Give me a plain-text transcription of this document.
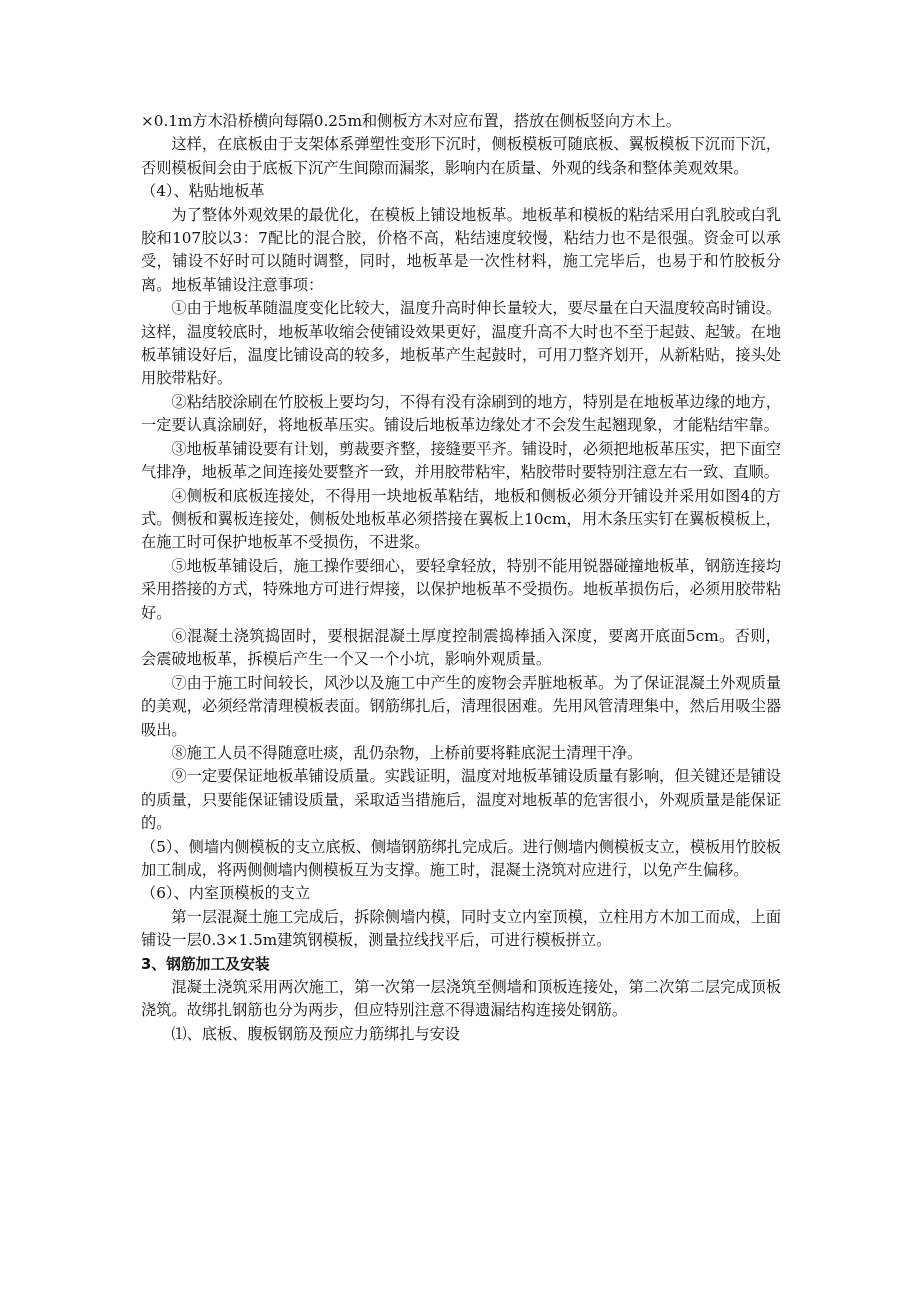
×0.1m方木沿桥横向每隔0.25m和侧板方木对应布置，搭放在侧板竖向方木上。

这样，在底板由于支架体系弹塑性变形下沉时，侧板模板可随底板、翼板模板下沉而下沉，否则模板间会由于底板下沉产生间隙而漏浆，影响内在质量、外观的线条和整体美观效果。

（4）、粘贴地板革

为了整体外观效果的最优化，在模板上铺设地板革。地板革和模板的粘结采用白乳胶或白乳胶和107胶以3：7配比的混合胶，价格不高，粘结速度较慢，粘结力也不是很强。资金可以承受，铺设不好时可以随时调整，同时，地板革是一次性材料，施工完毕后，也易于和竹胶板分离。地板革铺设注意事项：

①由于地板革随温度变化比较大，温度升高时伸长量较大，要尽量在白天温度较高时铺设。这样，温度较底时，地板革收缩会使铺设效果更好，温度升高不大时也不至于起鼓、起皱。在地板革铺设好后，温度比铺设高的较多，地板革产生起鼓时，可用刀整齐划开，从新粘贴，接头处用胶带粘好。

②粘结胶涂刷在竹胶板上要均匀，不得有没有涂刷到的地方，特别是在地板革边缘的地方，一定要认真涂刷好，将地板革压实。铺设后地板革边缘处才不会发生起翘现象，才能粘结牢靠。

③地板革铺设要有计划，剪裁要齐整，接缝要平齐。铺设时，必须把地板革压实，把下面空气排净，地板革之间连接处要整齐一致，并用胶带粘牢，粘胶带时要特别注意左右一致、直顺。

④侧板和底板连接处，不得用一块地板革粘结，地板和侧板必须分开铺设并采用如图4的方式。侧板和翼板连接处，侧板处地板革必须搭接在翼板上10cm，用木条压实钉在翼板模板上，在施工时可保护地板革不受损伤，不进浆。

⑤地板革铺设后，施工操作要细心，要轻拿轻放，特别不能用锐器碰撞地板革，钢筋连接均采用搭接的方式，特殊地方可进行焊接，以保护地板革不受损伤。地板革损伤后，必须用胶带粘好。

⑥混凝土浇筑捣固时，要根据混凝土厚度控制震捣棒插入深度，要离开底面5cm。否则，会震破地板革，拆模后产生一个又一个小坑，影响外观质量。

⑦由于施工时间较长，风沙以及施工中产生的废物会弄脏地板革。为了保证混凝土外观质量的美观，必须经常清理模板表面。钢筋绑扎后，清理很困难。先用风管清理集中，然后用吸尘器吸出。

⑧施工人员不得随意吐痰，乱仍杂物，上桥前要将鞋底泥土清理干净。

⑨一定要保证地板革铺设质量。实践证明，温度对地板革铺设质量有影响，但关键还是铺设的质量，只要能保证铺设质量，采取适当措施后，温度对地板革的危害很小，外观质量是能保证的。

（5）、侧墙内侧模板的支立底板、侧墙钢筋绑扎完成后。进行侧墙内侧模板支立，模板用竹胶板加工制成，将两侧侧墙内侧模板互为支撑。施工时，混凝土浇筑对应进行，以免产生偏移。

（6）、内室顶模板的支立

第一层混凝土施工完成后，拆除侧墙内模，同时支立内室顶模，立柱用方木加工而成，上面铺设一层0.3×1.5m建筑钢模板，测量拉线找平后，可进行模板拼立。

3、钢筋加工及安装

混凝土浇筑采用两次施工，第一次第一层浇筑至侧墙和顶板连接处，第二次第二层完成顶板浇筑。故绑扎钢筋也分为两步，但应特别注意不得遗漏结构连接处钢筋。

⑴、底板、腹板钢筋及预应力筋绑扎与安设
